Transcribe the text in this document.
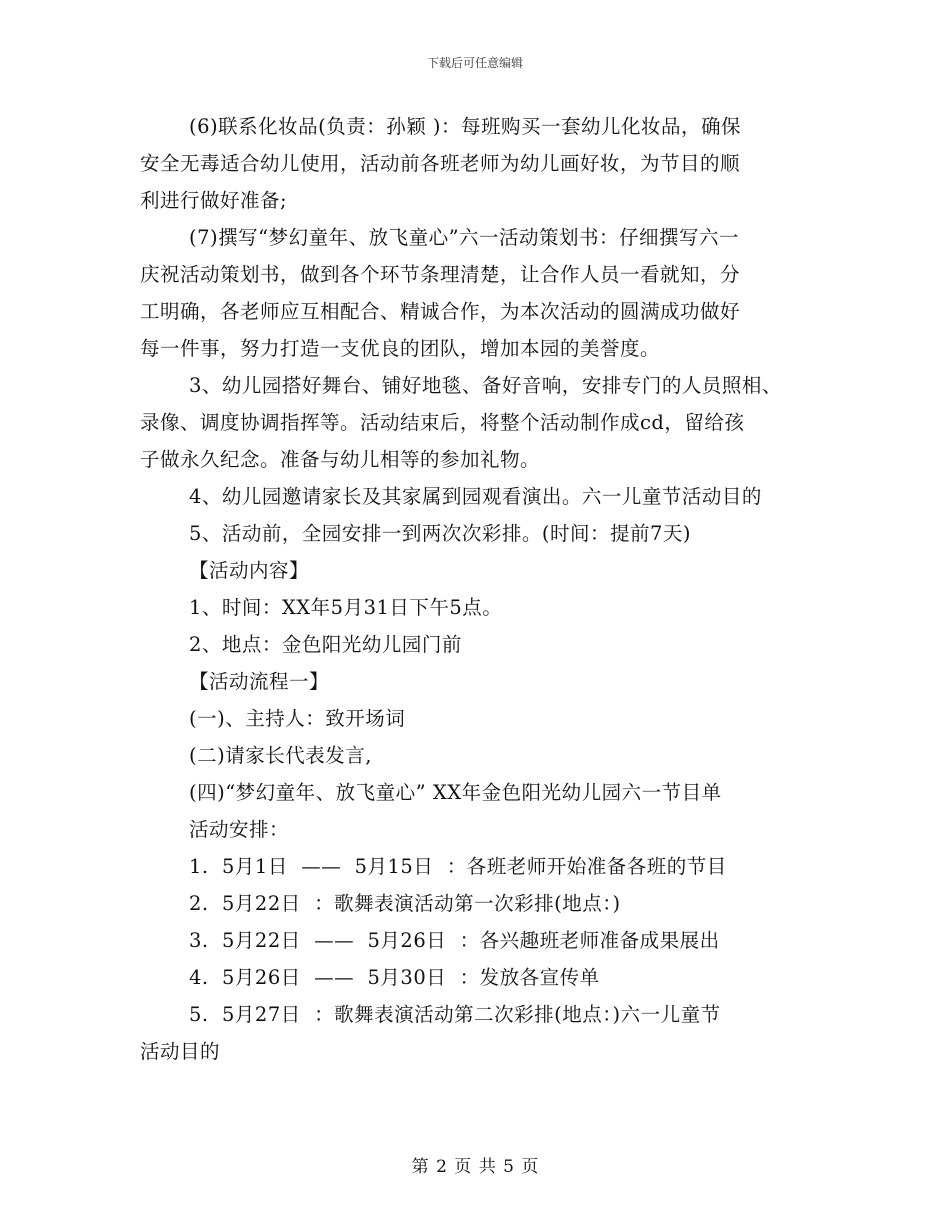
下载后可任意编辑
(6)联系化妆品(负责：孙颖 )：每班购买一套幼儿化妆品，确保
安全无毒适合幼儿使用，活动前各班老师为幼儿画好妆，为节目的顺
利进行做好准备;
(7)撰写“梦幻童年、放飞童心”六一活动策划书：仔细撰写六一
庆祝活动策划书，做到各个环节条理清楚，让合作人员一看就知，分
工明确，各老师应互相配合、精诚合作，为本次活动的圆满成功做好
每一件事，努力打造一支优良的团队，增加本园的美誉度。
3、幼儿园搭好舞台、铺好地毯、备好音响，安排专门的人员照相、
录像、调度协调指挥等。活动结束后，将整个活动制作成cd，留给孩
子做永久纪念。准备与幼儿相等的参加礼物。
4、幼儿园邀请家长及其家属到园观看演出。六一儿童节活动目的
5、活动前，全园安排一到两次次彩排。(时间：提前7天)
【活动内容】
1、时间：XX年5月31日下午5点。
2、地点：金色阳光幼儿园门前
【活动流程一】
(一)、主持人：致开场词
(二)请家长代表发言,
(四)“梦幻童年、放飞童心” XX年金色阳光幼儿园六一节目单
活动安排：
1.  5月1日  ——  5月15日  ：各班老师开始准备各班的节目
2.  5月22日  ：歌舞表演活动第一次彩排(地点：)
3.  5月22日  ——  5月26日  ：各兴趣班老师准备成果展出
4.  5月26日  ——  5月30日  ：发放各宣传单
5.  5月27日  ：歌舞表演活动第二次彩排(地点：)六一儿童节
活动目的
第 2 页 共 5 页
